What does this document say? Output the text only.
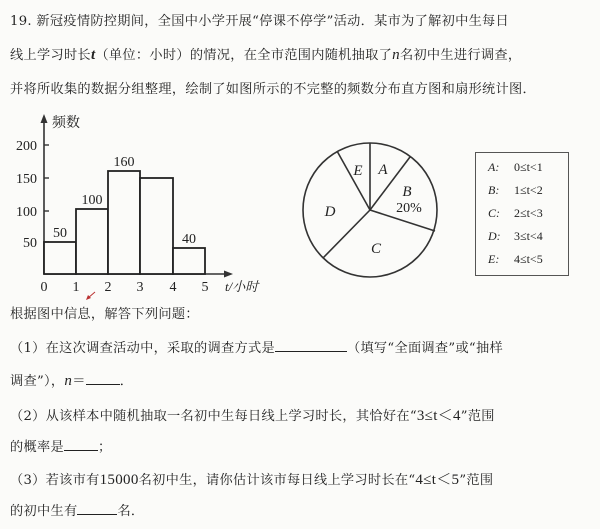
19. 新冠疫情防控期间，全国中小学开展“停课不停学”活动．某市为了解初中生每日
线上学习时长t（单位：小时）的情况，在全市范围内随机抽取了n名初中生进行调查，
并将所收集的数据分组整理，绘制了如图所示的不完整的频数分布直方图和扇形统计图．
200
150
100
50
频数
50
100
160
40
0 1 2 3 4 5 t/小时
A
B
C
D
E
20%
A: 0≤t<1
B: 1≤t<2
C: 2≤t<3
D: 3≤t<4
E: 4≤t<5
根据图中信息，解答下列问题：
（1）在这次调查活动中，采取的调查方式是	（填写“全面调查”或“抽样
调查”），n＝	．
（2）从该样本中随机抽取一名初中生每日线上学习时长，其恰好在“3≤t＜4”范围
的概率是	；
（3）若该市有15000名初中生，请你估计该市每日线上学习时长在“4≤t＜5”范围
的初中生有	名．
